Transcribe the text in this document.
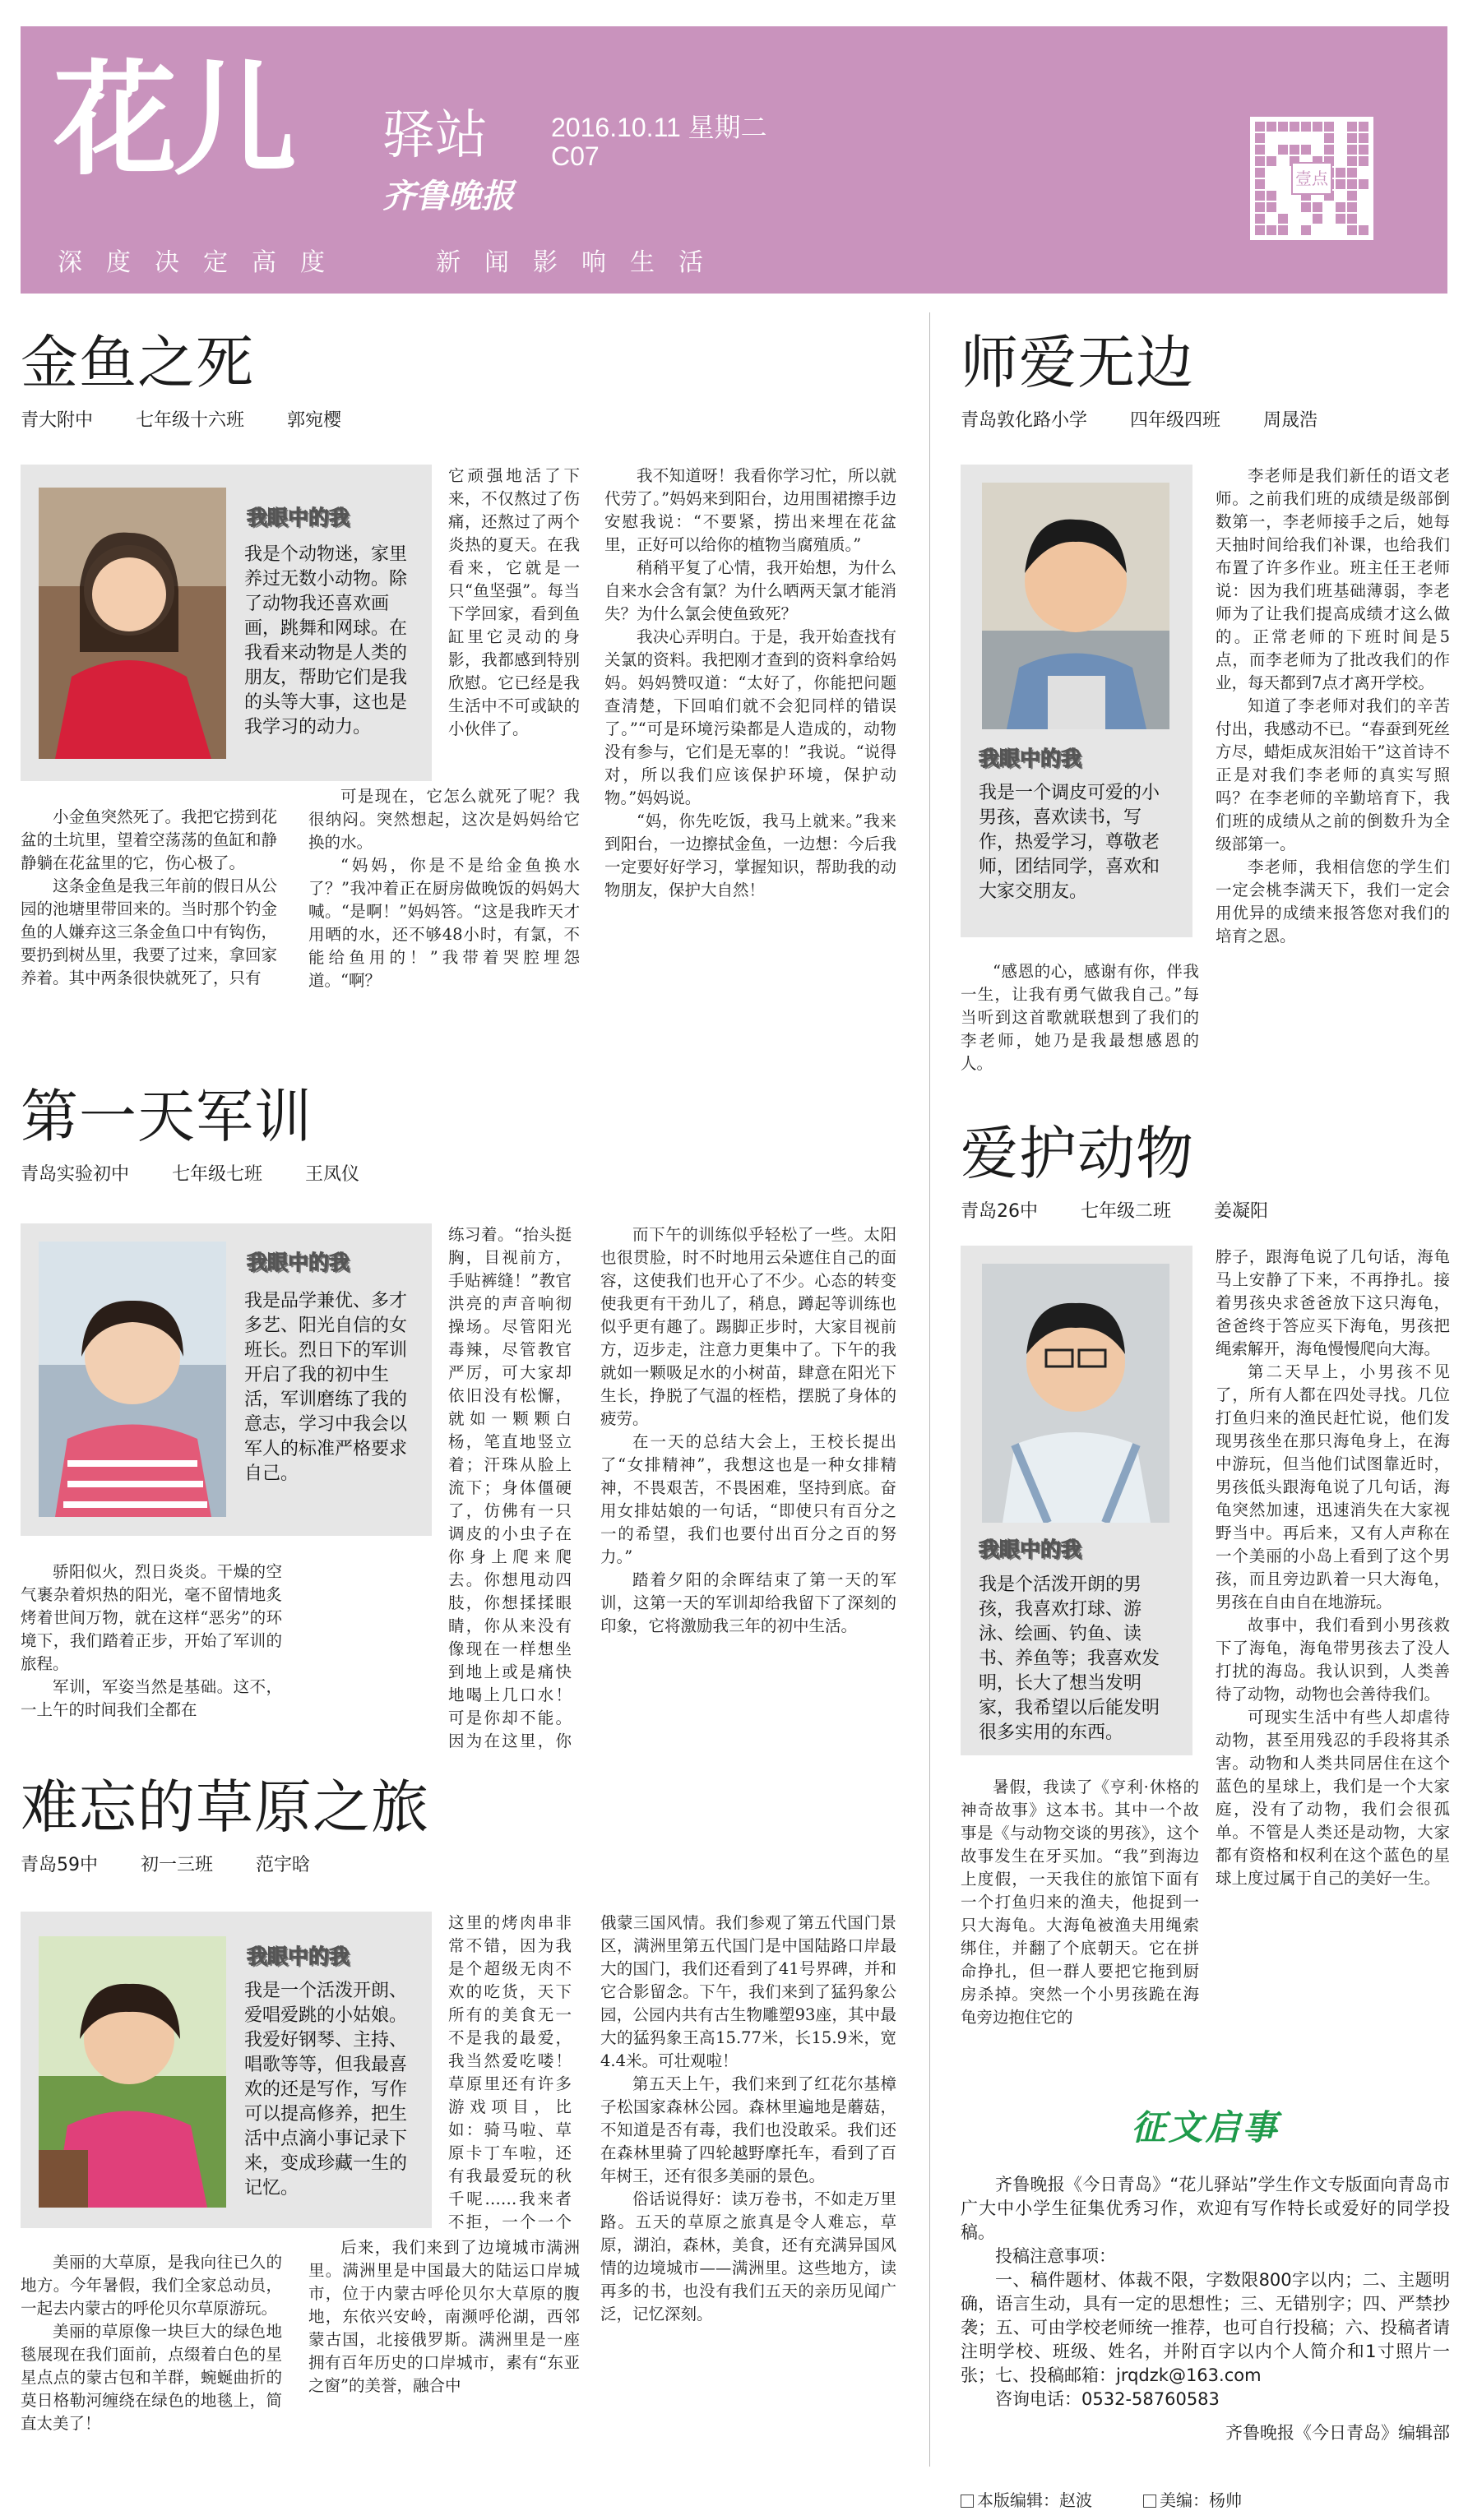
花儿 驿站
齐鲁晚报
2016.10.11 星期二
C07
深度决定高度	新闻影响生活
壹点
金鱼之死
青大附中 七年级十六班 郭宛樱
我眼中的我
我是个动物迷，家里养过无数小动物。除了动物我还喜欢画画，跳舞和网球。在我看来动物是人类的朋友，帮助它们是我的头等大事，这也是我学习的动力。

小金鱼突然死了。我把它捞到花盆的土坑里，望着空荡荡的鱼缸和静静躺在花盆里的它，伤心极了。

这条金鱼是我三年前的假日从公园的池塘里带回来的。当时那个钓金鱼的人嫌弃这三条金鱼口中有钩伤，要扔到树丛里，我要了过来，拿回家养着。其中两条很快就死了，只有

它顽强地活了下来，不仅熬过了伤痛，还熬过了两个炎热的夏天。在我看来，它就是一只“鱼坚强”。每当下学回家，看到鱼缸里它灵动的身影，我都感到特别欣慰。它已经是我生活中不可或缺的小伙伴了。

我不知道呀！我看你学习忙，所以就代劳了。”妈妈来到阳台，边用围裙擦手边安慰我说：“不要紧，捞出来埋在花盆里，正好可以给你的植物当腐殖质。”

稍稍平复了心情，我开始想，为什么自来水会含有氯？为什么晒两天氯才能消失？为什么氯会使鱼致死？

我决心弄明白。于是，我开始查找有关氯的资料。我把刚才查到的资料拿给妈妈。妈妈赞叹道：“太好了，你能把问题查清楚，下回咱们就不会犯同样的错误了。”“可是环境污染都是人造成的，动物没有参与，它们是无辜的！”我说。“说得对，所以我们应该保护环境，保护动物。”妈妈说。

“妈，你先吃饭，我马上就来。”我来到阳台，一边擦拭金鱼，一边想：今后我一定要好好学习，掌握知识，帮助我的动物朋友，保护大自然！

师爱无边
青岛敦化路小学 四年级四班 周晟浩
我眼中的我
我是一个调皮可爱的小男孩，喜欢读书，写作，热爱学习，尊敬老师，团结同学，喜欢和大家交朋友。

“感恩的心，感谢有你，伴我一生，让我有勇气做我自己。”每当听到这首歌就联想到了我们的李老师，她乃是我最想感恩的人。

李老师是我们新任的语文老师。之前我们班的成绩是级部倒数第一，李老师接手之后，她每天抽时间给我们补课，也给我们布置了许多作业。班主任王老师说：因为我们班基础薄弱，李老师为了让我们提高成绩才这么做的。正常老师的下班时间是5点，而李老师为了批改我们的作业，每天都到7点才离开学校。

知道了李老师对我们的辛苦付出，我感动不已。“春蚕到死丝方尽，蜡炬成灰泪始干”这首诗不正是对我们李老师的真实写照吗？在李老师的辛勤培育下，我们班的成绩从之前的倒数升为全级部第一。

李老师，我相信您的学生们一定会桃李满天下，我们一定会用优异的成绩来报答您对我们的培育之恩。

第一天军训
青岛实验初中 七年级七班 王凤仪
我眼中的我
我是品学兼优、多才多艺、阳光自信的女班长。烈日下的军训开启了我的初中生活，军训磨练了我的意志，学习中我会以军人的标准严格要求自己。

骄阳似火，烈日炎炎。干燥的空气裹杂着炽热的阳光，毫不留情地炙烤着世间万物，就在这样“恶劣”的环境下，我们踏着正步，开始了军训的旅程。

军训，军姿当然是基础。这不，一上午的时间我们全都在

练习着。“抬头挺胸，目视前方，手贴裤缝！”教官洪亮的声音响彻操场。尽管阳光毒辣，尽管教官严厉，可大家却依旧没有松懈，就如一颗颗白杨，笔直地竖立着；汗珠从脸上流下；身体僵硬了，仿佛有一只调皮的小虫子在你身上爬来爬去。你想甩动四肢，你想揉揉眼睛，你从来没有像现在一样想坐到地上或是痛快地喝上几口水！可是你却不能。因为在这里，你

而下午的训练似乎轻松了一些。太阳也很贯脸，时不时地用云朵遮住自己的面容，这使我们也开心了不少。心态的转变使我更有干劲儿了，稍息，蹲起等训练也似乎更有趣了。踢脚正步时，大家目视前方，迈步走，注意力更集中了。下午的我就如一颗吸足水的小树苗，肆意在阳光下生长，挣脱了气温的桎梏，摆脱了身体的疲劳。

在一天的总结大会上，王校长提出了“女排精神”，我想这也是一种女排精神，不畏艰苦，不畏困难，坚持到底。奋用女排姑娘的一句话，“即使只有百分之一的希望，我们也要付出百分之百的努力。”

踏着夕阳的余晖结束了第一天的军训，这第一天的军训却给我留下了深刻的印象，它将激励我三年的初中生活。

爱护动物
青岛26中 七年级二班 姜凝阳
我眼中的我
我是个活泼开朗的男孩，我喜欢打球、游泳、绘画、钓鱼、读书、养鱼等；我喜欢发明，长大了想当发明家，我希望以后能发明很多实用的东西。

暑假，我读了《亨利·休格的神奇故事》这本书。其中一个故事是《与动物交谈的男孩》，这个故事发生在牙买加。“我”到海边上度假，一天我住的旅馆下面有一个打鱼归来的渔夫，他捉到一只大海龟。大海龟被渔夫用绳索绑住，并翻了个底朝天。它在拼命挣扎，但一群人要把它拖到厨房杀掉。突然一个小男孩跪在海龟旁边抱住它的

脖子，跟海龟说了几句话，海龟马上安静了下来，不再挣扎。接着男孩央求爸爸放下这只海龟，爸爸终于答应买下海龟，男孩把绳索解开，海龟慢慢爬向大海。

第二天早上，小男孩不见了，所有人都在四处寻找。几位打鱼归来的渔民赶忙说，他们发现男孩坐在那只海龟身上，在海中游玩，但当他们试图靠近时，男孩低头跟海龟说了几句话，海龟突然加速，迅速消失在大家视野当中。再后来，又有人声称在一个美丽的小岛上看到了这个男孩，而且旁边趴着一只大海龟，男孩在自由自在地游玩。

故事中，我们看到小男孩救下了海龟，海龟带男孩去了没人打扰的海岛。我认识到，人类善待了动物，动物也会善待我们。

可现实生活中有些人却虐待动物，甚至用残忍的手段将其杀害。动物和人类共同居住在这个蓝色的星球上，我们是一个大家庭，没有了动物，我们会很孤单。不管是人类还是动物，大家都有资格和权利在这个蓝色的星球上度过属于自己的美好一生。

难忘的草原之旅
青岛59中 初一三班 范宇晗
我眼中的我
我是一个活泼开朗、爱唱爱跳的小姑娘。我爱好钢琴、主持、唱歌等等，但我最喜欢的还是写作，写作可以提高修养，把生活中点滴小事记录下来，变成珍藏一生的记忆。

美丽的大草原，是我向往已久的地方。今年暑假，我们全家总动员，一起去内蒙古的呼伦贝尔草原游玩。

美丽的草原像一块巨大的绿色地毯展现在我们面前，点缀着白色的星星点点的蒙古包和羊群，蜿蜒曲折的莫日格勒河缠绕在绿色的地毯上，简直太美了！

这里的烤肉串非常不错，因为我是个超级无肉不欢的吃货，天下所有的美食无一不是我的最爱，我当然爱吃喽！草原里还有许多游戏项目，比如：骑马啦、草原卡丁车啦，还有我最爱玩的秋千呢……我来者不拒，一个一个

俄蒙三国风情。我们参观了第五代国门景区，满洲里第五代国门是中国陆路口岸最大的国门，我们还看到了41号界碑，并和它合影留念。下午，我们来到了猛犸象公园，公园内共有古生物雕塑93座，其中最大的猛犸象王高15.77米，长15.9米，宽4.4米。可壮观啦！

第五天上午，我们来到了红花尔基樟子松国家森林公园。森林里遍地是蘑菇，不知道是否有毒，我们也没敢采。我们还在森林里骑了四轮越野摩托车，看到了百年树王，还有很多美丽的景色。

俗话说得好：读万卷书，不如走万里路。五天的草原之旅真是令人难忘，草原，湖泊，森林，美食，还有充满异国风情的边境城市——满洲里。这些地方，读再多的书，也没有我们五天的亲历见闻广泛，记忆深刻。

征文启事
齐鲁晚报《今日青岛》“花儿驿站”学生作文专版面向青岛市广大中小学生征集优秀习作，欢迎有写作特长或爱好的同学投稿。
投稿注意事项：
一、稿件题材、体裁不限，字数限800字以内；二、主题明确，语言生动，具有一定的思想性；三、无错别字；四、严禁抄袭；五、可由学校老师统一推荐，也可自行投稿；六、投稿者请注明学校、班级、姓名，并附百字以内个人简介和1寸照片一张；七、投稿邮箱：jrqdzk@163.com
咨询电话：0532-58760583
齐鲁晚报《今日青岛》编辑部
本版编辑：赵波	美编：杨帅

可是现在，它怎么就死了呢？我很纳闷。突然想起，这次是妈妈给它换的水。

“妈妈，你是不是给金鱼换水了？”我冲着正在厨房做晚饭的妈妈大喊。“是啊！”妈妈答。“这是我昨天才用晒的水，还不够48小时，有氯，不能给鱼用的！”我带着哭腔埋怨道。“啊？

后来，我们来到了边境城市满洲里。满洲里是中国最大的陆运口岸城市，位于内蒙古呼伦贝尔大草原的腹地，东依兴安岭，南濒呼伦湖，西邻蒙古国，北接俄罗斯。满洲里是一座拥有百年历史的口岸城市，素有“东亚之窗”的美誉，融合中
